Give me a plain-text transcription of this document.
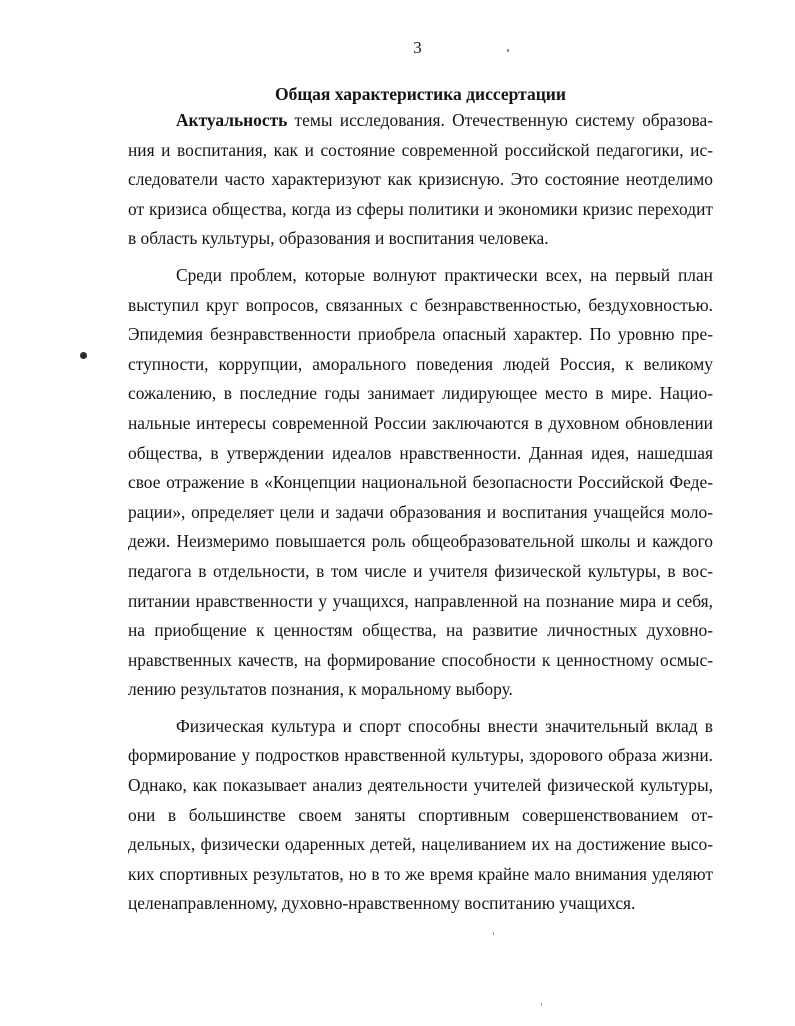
3
Общая характеристика диссертации

Актуальность темы исследования. Отечественную систему образования и воспитания, как и состояние современной российской педагогики, исследователи часто характеризуют как кризисную. Это состояние неотделимо от кризиса общества, когда из сферы политики и экономики кризис переходит в область культуры, образования и воспитания человека.

Среди проблем, которые волнуют практически всех, на первый план выступил круг вопросов, связанных с безнравственностью, бездуховностью. Эпидемия безнравственности приобрела опасный характер. По уровню преступности, коррупции, аморального поведения людей Россия, к великому сожалению, в последние годы занимает лидирующее место в мире. Национальные интересы современной России заключаются в духовном обновлении общества, в утверждении идеалов нравственности. Данная идея, нашедшая свое отражение в «Концепции национальной безопасности Российской Федерации», определяет цели и задачи образования и воспитания учащейся молодежи. Неизмеримо повышается роль общеобразовательной школы и каждого педагога в отдельности, в том числе и учителя физической культуры, в воспитании нравственности у учащихся, направленной на познание мира и себя, на приобщение к ценностям общества, на развитие личностных духовно-нравственных качеств, на формирование способности к ценностному осмыслению результатов познания, к моральному выбору.

Физическая культура и спорт способны внести значительный вклад в формирование у подростков нравственной культуры, здорового образа жизни. Однако, как показывает анализ деятельности учителей физической культуры, они в большинстве своем заняты спортивным совершенствованием отдельных, физически одаренных детей, нацеливанием их на достижение высоких спортивных результатов, но в то же время крайне мало внимания уделяют целенаправленному, духовно-нравственному воспитанию учащихся.
